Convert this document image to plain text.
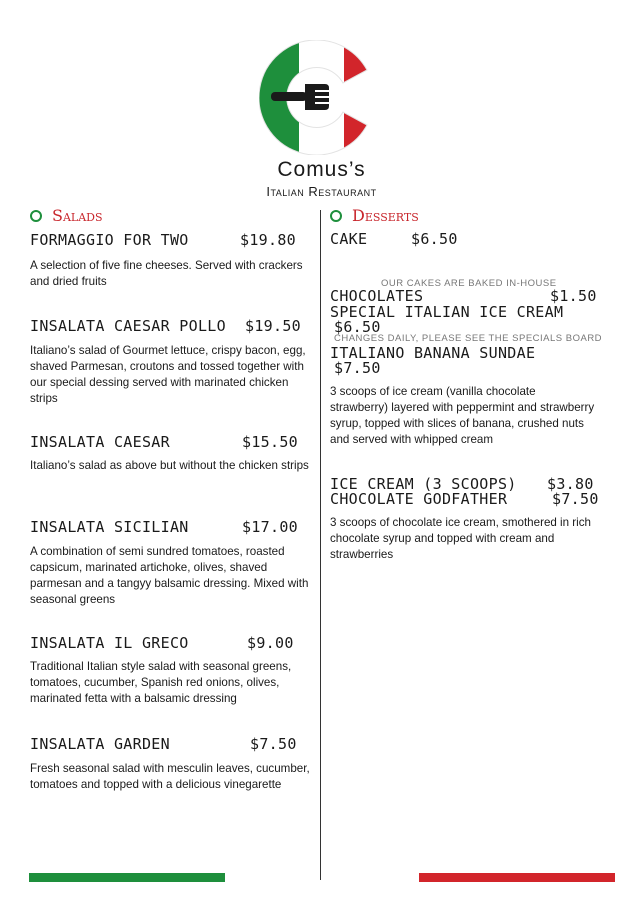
Comus’s
Italian Restaurant
Salads
FORMAGGIO FOR TWO	$19.80
A selection of five fine cheeses. Served with crackers and dried fruits
INSALATA CAESAR POLLO $19.50
Italiano’s salad of Gourmet lettuce, crispy bacon, egg, shaved Parmesan, croutons and tossed together with our special dessing served with marinated chicken strips
INSALATA CAESAR	$15.50
Italiano’s salad as above but without the chicken strips
INSALATA SICILIAN	$17.00
A combination of semi sundred tomatoes, roasted capsicum, marinated artichoke, olives, shaved parmesan and a tangyy balsamic dressing. Mixed with seasonal greens
INSALATA IL GRECO	$9.00
Traditional Italian style salad with seasonal greens, tomatoes, cucumber, Spanish red onions, olives, marinated fetta with a balsamic dressing
INSALATA GARDEN	$7.50
Fresh seasonal salad with mesculin leaves, cucumber, tomatoes and topped with a delicious vinegarette
Desserts
CAKE	$6.50
OUR CAKES ARE BAKED IN-HOUSE
CHOCOLATES	$1.50
SPECIAL ITALIAN ICE CREAM
$6.50
CHANGES DAILY, PLEASE SEE THE SPECIALS BOARD
ITALIANO BANANA SUNDAE
$7.50
3 scoops of ice cream (vanilla chocolate strawberry) layered with peppermint and strawberry syrup, topped with slices of banana, crushed nuts and served with whipped cream
ICE CREAM (3 SCOOPS) $3.80
CHOCOLATE GODFATHER	$7.50
3 scoops of chocolate ice cream, smothered in rich chocolate syrup and topped with cream and strawberries
